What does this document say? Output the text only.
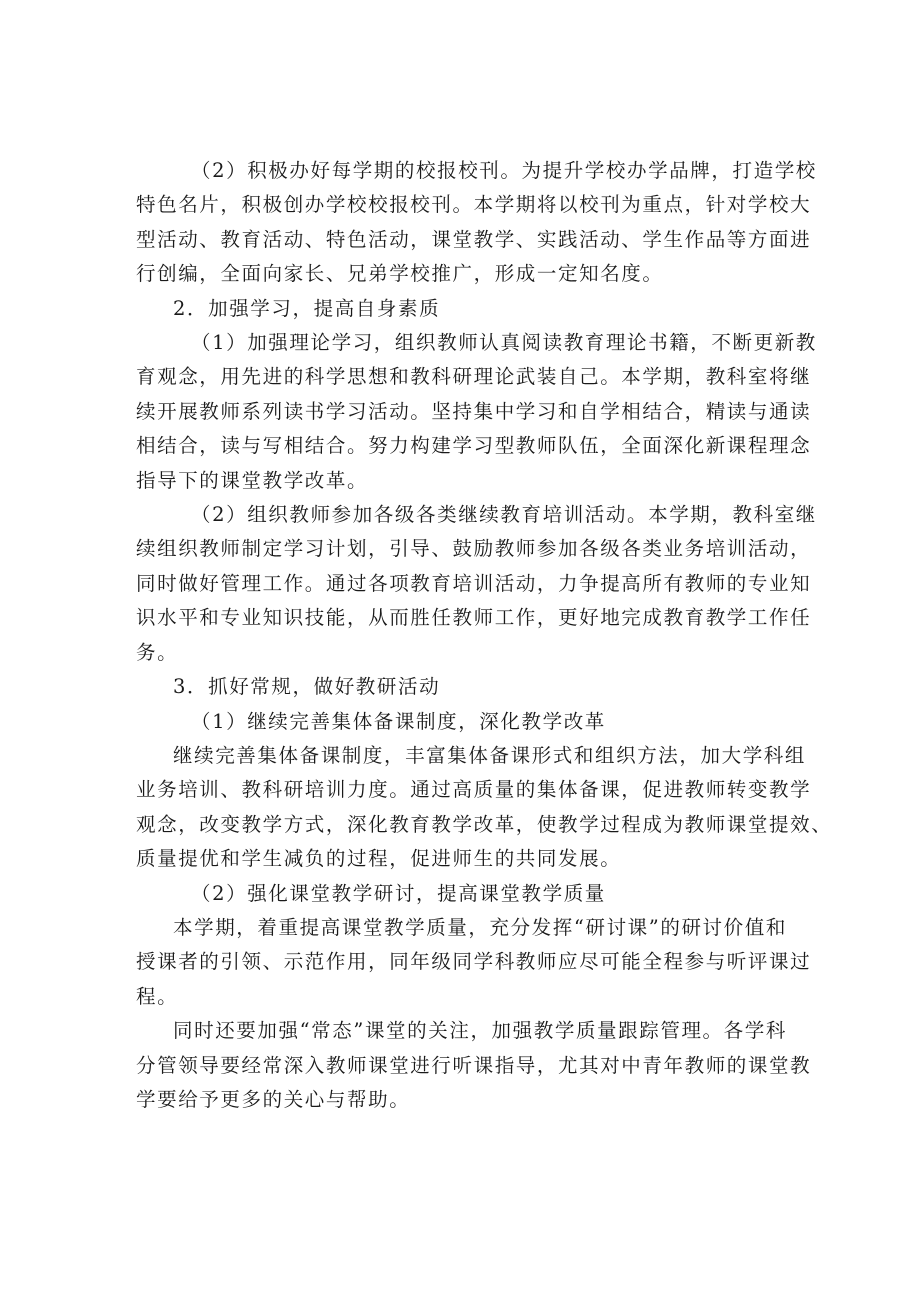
（2）积极办好每学期的校报校刊。为提升学校办学品牌，打造学校
特色名片，积极创办学校校报校刊。本学期将以校刊为重点，针对学校大
型活动、教育活动、特色活动，课堂教学、实践活动、学生作品等方面进
行创编，全面向家长、兄弟学校推广，形成一定知名度。
2．加强学习，提高自身素质
（1）加强理论学习，组织教师认真阅读教育理论书籍，不断更新教
育观念，用先进的科学思想和教科研理论武装自己。本学期，教科室将继
续开展教师系列读书学习活动。坚持集中学习和自学相结合，精读与通读
相结合，读与写相结合。努力构建学习型教师队伍，全面深化新课程理念
指导下的课堂教学改革。
（2）组织教师参加各级各类继续教育培训活动。本学期，教科室继
续组织教师制定学习计划，引导、鼓励教师参加各级各类业务培训活动，
同时做好管理工作。通过各项教育培训活动，力争提高所有教师的专业知
识水平和专业知识技能，从而胜任教师工作，更好地完成教育教学工作任
务。
3．抓好常规，做好教研活动
（1）继续完善集体备课制度，深化教学改革
继续完善集体备课制度，丰富集体备课形式和组织方法，加大学科组
业务培训、教科研培训力度。通过高质量的集体备课，促进教师转变教学
观念，改变教学方式，深化教育教学改革，使教学过程成为教师课堂提效、
质量提优和学生减负的过程，促进师生的共同发展。
（2）强化课堂教学研讨，提高课堂教学质量
本学期，着重提高课堂教学质量，充分发挥“研讨课”的研讨价值和
授课者的引领、示范作用，同年级同学科教师应尽可能全程参与听评课过
程。
同时还要加强“常态”课堂的关注，加强教学质量跟踪管理。各学科
分管领导要经常深入教师课堂进行听课指导，尤其对中青年教师的课堂教
学要给予更多的关心与帮助。
